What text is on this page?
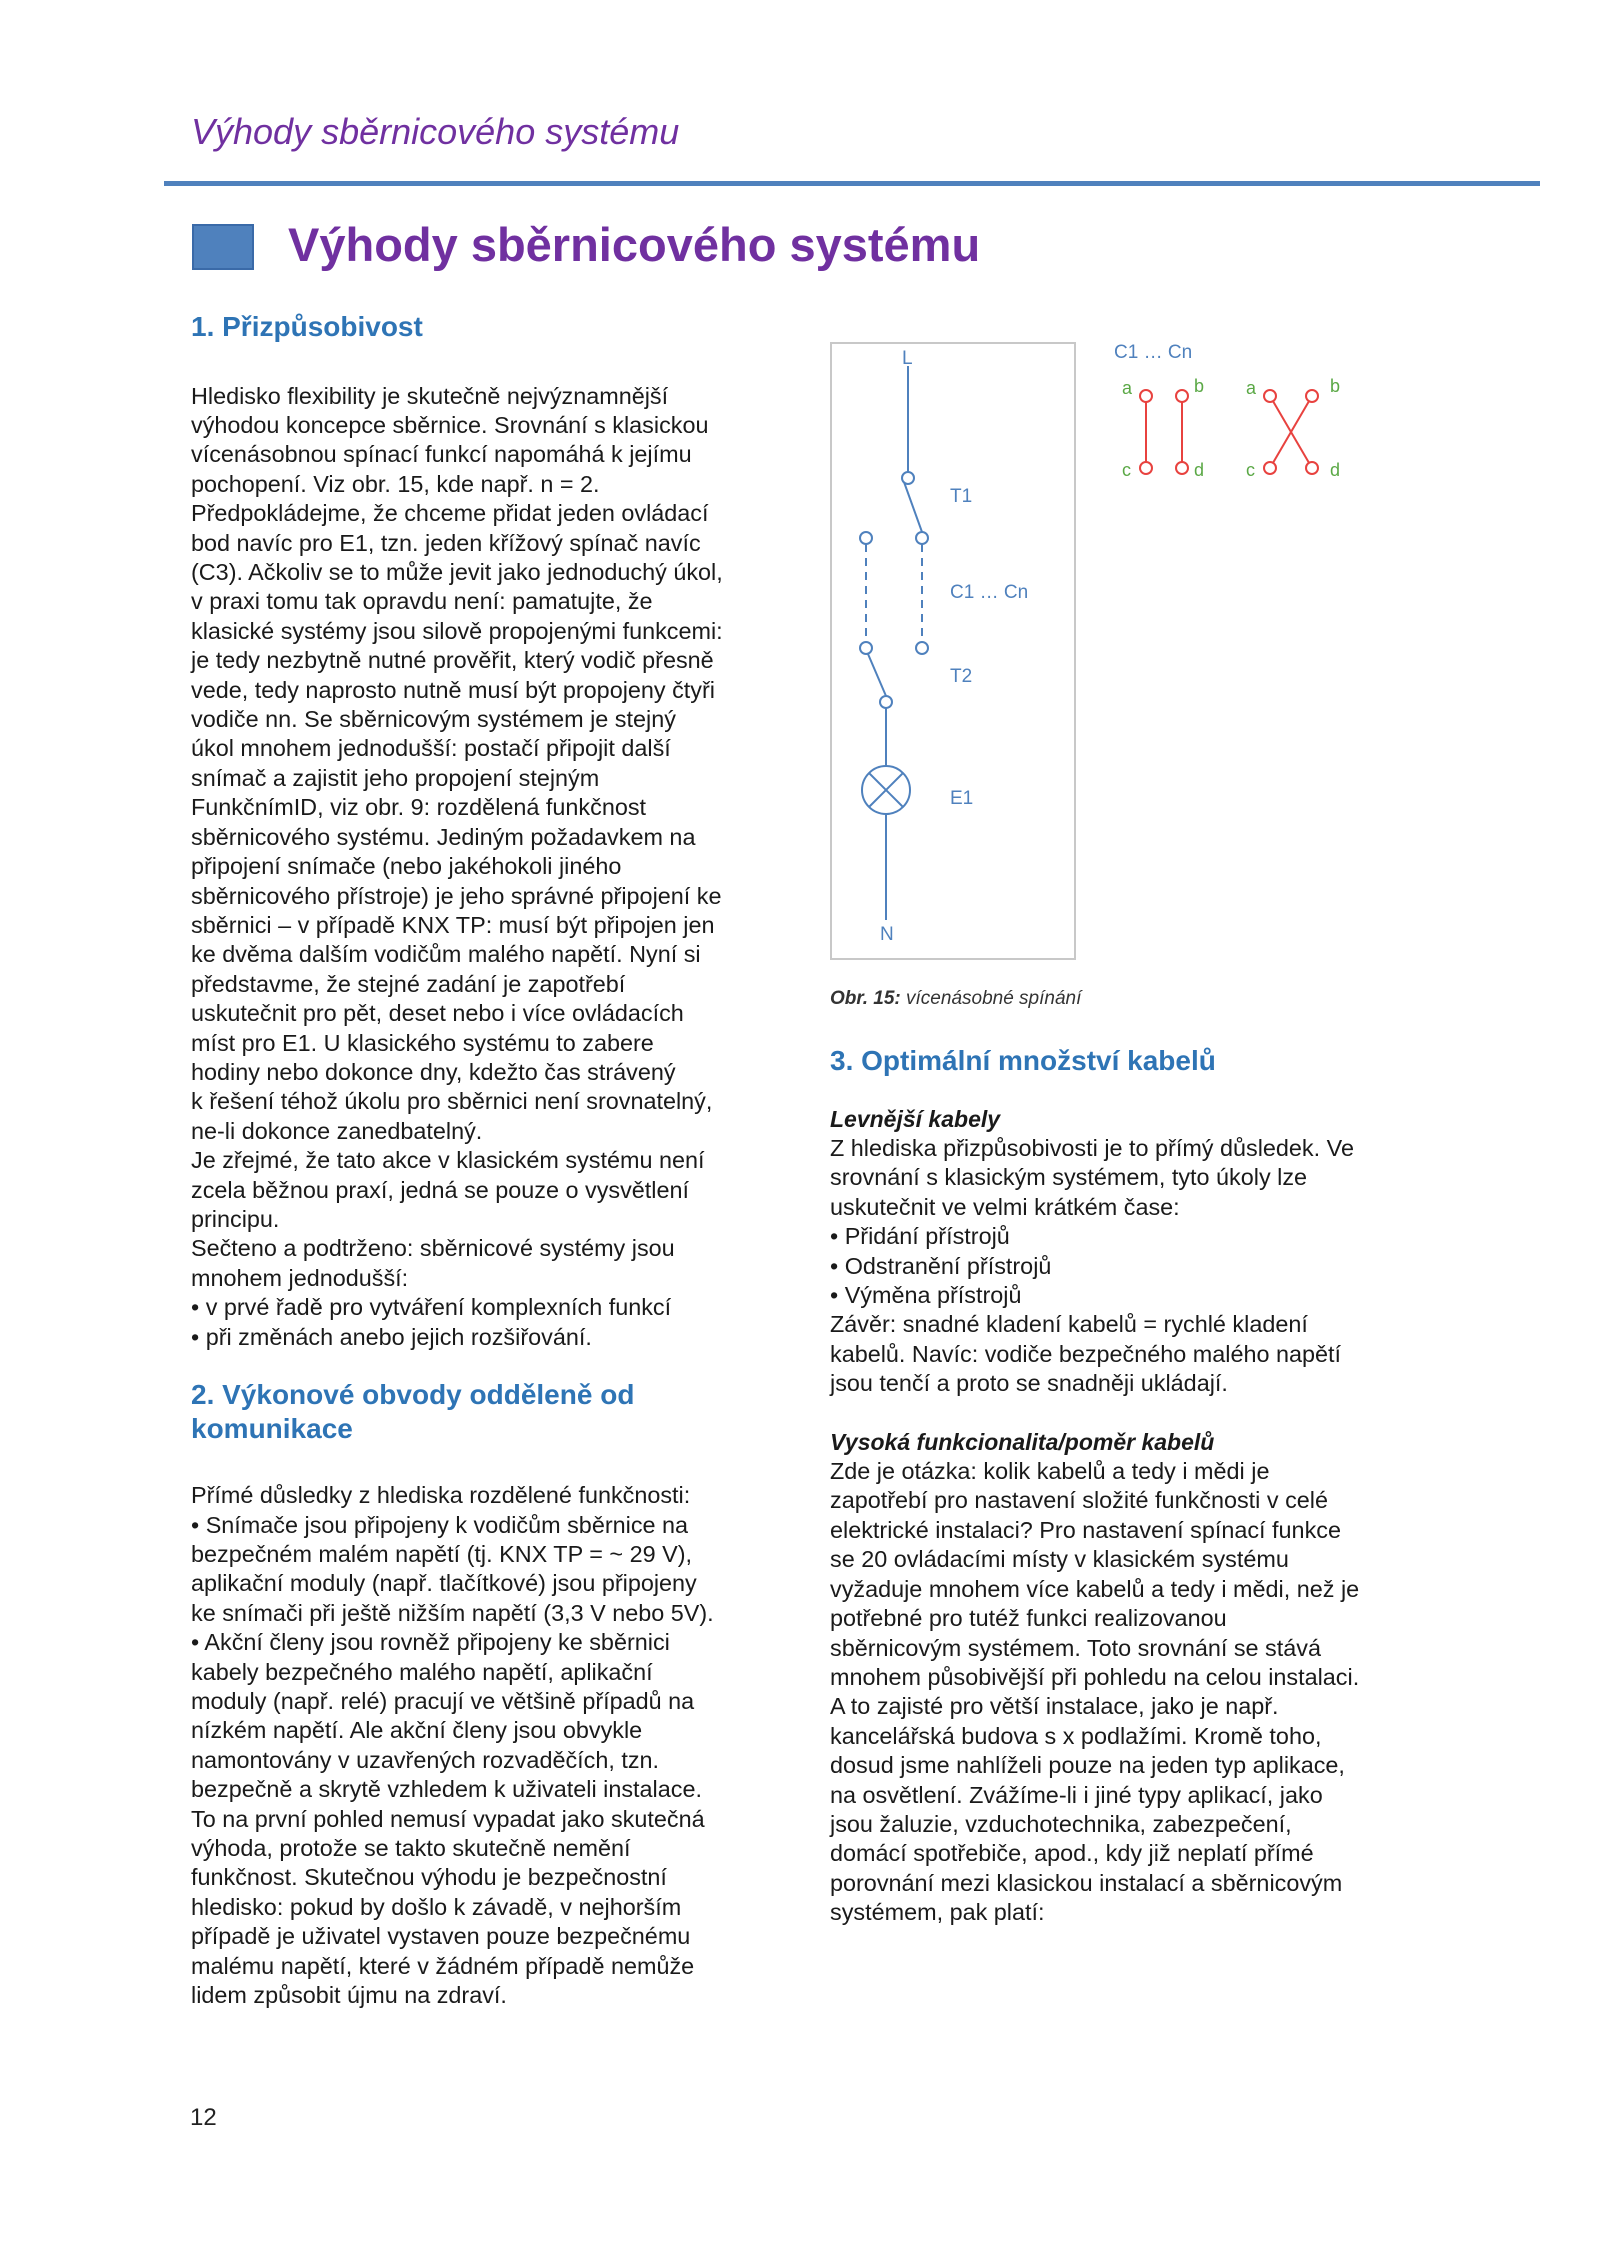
Výhody sběrnicového systému
Výhody sběrnicového systému
1. Přizpůsobivost

Hledisko flexibility je skutečně nejvýznamnější
výhodou koncepce sběrnice. Srovnání s klasickou
vícenásobnou spínací funkcí napomáhá k jejímu
pochopení. Viz obr. 15, kde např. n = 2.
Předpokládejme, že chceme přidat jeden ovládací
bod navíc pro E1, tzn. jeden křížový spínač navíc
(C3). Ačkoliv se to může jevit jako jednoduchý úkol,
v praxi tomu tak opravdu není: pamatujte, že
klasické systémy jsou silově propojenými funkcemi:
je tedy nezbytně nutné prověřit, který vodič přesně
vede, tedy naprosto nutně musí být propojeny čtyři
vodiče nn. Se sběrnicovým systémem je stejný
úkol mnohem jednodušší: postačí připojit další
snímač a zajistit jeho propojení stejným
FunkčnímID, viz obr. 9: rozdělená funkčnost
sběrnicového systému. Jediným požadavkem na
připojení snímače (nebo jakéhokoli jiného
sběrnicového přístroje) je jeho správné připojení ke
sběrnici – v případě KNX TP: musí být připojen jen
ke dvěma dalším vodičům malého napětí. Nyní si
představme, že stejné zadání je zapotřebí
uskutečnit pro pět, deset nebo i více ovládacích
míst pro E1. U klasického systému to zabere
hodiny nebo dokonce dny, kdežto čas strávený
k řešení téhož úkolu pro sběrnici není srovnatelný,
ne-li dokonce zanedbatelný.
Je zřejmé, že tato akce v klasickém systému není
zcela běžnou praxí, jedná se pouze o vysvětlení
principu.
Sečteno a podtrženo: sběrnicové systémy jsou
mnohem jednodušší:
• v prvé řadě pro vytváření komplexních funkcí
• při změnách anebo jejich rozšiřování.

2. Výkonové obvody odděleně od
komunikace

Přímé důsledky z hlediska rozdělené funkčnosti:
• Snímače jsou připojeny k vodičům sběrnice na
bezpečném malém napětí (tj. KNX TP = ~ 29 V),
aplikační moduly (např. tlačítkové) jsou připojeny
ke snímači při ještě nižším napětí (3,3 V nebo 5V).
• Akční členy jsou rovněž připojeny ke sběrnici
kabely bezpečného malého napětí, aplikační
moduly (např. relé) pracují ve většině případů na
nízkém napětí. Ale akční členy jsou obvykle
namontovány v uzavřených rozvaděčích, tzn.
bezpečně a skrytě vzhledem k uživateli instalace.
To na první pohled nemusí vypadat jako skutečná
výhoda, protože se takto skutečně nemění
funkčnost. Skutečnou výhodu je bezpečnostní
hledisko: pokud by došlo k závadě, v nejhorším
případě je uživatel vystaven pouze bezpečnému
malému napětí, které v žádném případě nemůže
lidem způsobit újmu na zdraví.

L
T1
C1 … Cn
T2
E1
N
C1 … Cn
a	b
c	d
a	b
c	d
Obr. 15: vícenásobné spínání
3. Optimální množství kabelů

Levnější kabely

Z hlediska přizpůsobivosti je to přímý důsledek. Ve
srovnání s klasickým systémem, tyto úkoly lze
uskutečnit ve velmi krátkém čase:
• Přidání přístrojů
• Odstranění přístrojů
• Výměna přístrojů
Závěr: snadné kladení kabelů = rychlé kladení
kabelů. Navíc: vodiče bezpečného malého napětí
jsou tenčí a proto se snadněji ukládají.

Vysoká funkcionalita/poměr kabelů

Zde je otázka: kolik kabelů a tedy i mědi je
zapotřebí pro nastavení složité funkčnosti v celé
elektrické instalaci? Pro nastavení spínací funkce
se 20 ovládacími místy v klasickém systému
vyžaduje mnohem více kabelů a tedy i mědi, než je
potřebné pro tutéž funkci realizovanou
sběrnicovým systémem. Toto srovnání se stává
mnohem působivější při pohledu na celou instalaci.
A to zajisté pro větší instalace, jako je např.
kancelářská budova s x podlažími. Kromě toho,
dosud jsme nahlíželi pouze na jeden typ aplikace,
na osvětlení. Zvážíme-li i jiné typy aplikací, jako
jsou žaluzie, vzduchotechnika, zabezpečení,
domácí spotřebiče, apod., kdy již neplatí přímé
porovnání mezi klasickou instalací a sběrnicovým
systémem, pak platí:

12
